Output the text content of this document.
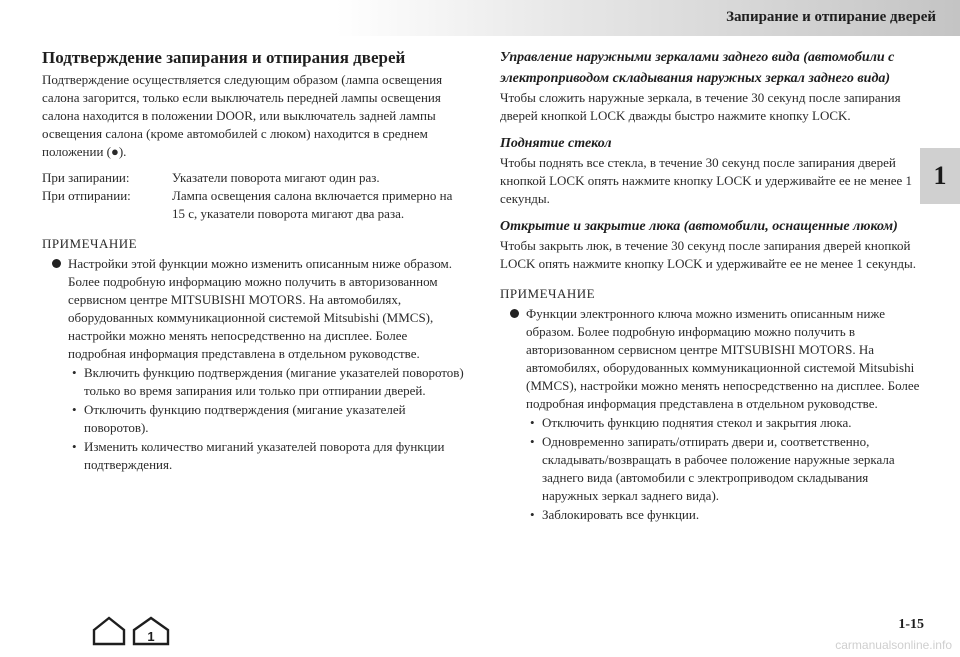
Запирание и отпирание дверей
1
Подтверждение запирания и отпирания дверей

Подтверждение осуществляется следующим образом (лампа освещения салона загорится, только если выключатель передней лампы освещения салона находится в положении DOOR, или выключатель задней лампы освещения салона (кроме автомобилей с люком) находится в среднем положении (●).

При запирании:	Указатели поворота мигают один раз.
При отпирании:	Лампа освещения салона включается примерно на 15 с, указатели поворота мигают два раза.

ПРИМЕЧАНИЕ

Настройки этой функции можно изменить описанным ниже образом. Более подробную информацию можно получить в авторизованном сервисном центре MITSUBISHI MOTORS. На автомобилях, оборудованных коммуникационной системой Mitsubishi (MMCS), настройки можно менять непосредственно на дисплее. Более подробная информация представлена в отдельном руководстве.

• Включить функцию подтверждения (мигание указателей поворотов) только во время запирания или только при отпирании дверей.

• Отключить функцию подтверждения (мигание указателей поворотов).

• Изменить количество миганий указателей поворота для функции подтверждения.

Управление наружными зеркалами заднего вида (автомобили с электроприводом складывания наружных зеркал заднего вида)

Чтобы сложить наружные зеркала, в течение 30 секунд после запирания дверей кнопкой LOCK дважды быстро нажмите кнопку LOCK.

Поднятие стекол

Чтобы поднять все стекла, в течение 30 секунд после запирания дверей кнопкой LOCK опять нажмите кнопку LOCK и удерживайте ее не менее 1 секунды.

Открытие и закрытие люка (автомобили, оснащенные люком)

Чтобы закрыть люк, в течение 30 секунд после запирания дверей кнопкой LOCK опять нажмите кнопку LOCK и удерживайте ее не менее 1 секунды.

ПРИМЕЧАНИЕ

Функции электронного ключа можно изменить описанным ниже образом. Более подробную информацию можно получить в авторизованном сервисном центре MITSUBISHI MOTORS. На автомобилях, оборудованных коммуникационной системой Mitsubishi (MMCS), настройки можно менять непосредственно на дисплее. Более подробная информация представлена в отдельном руководстве.

• Отключить функцию поднятия стекол и закрытия люка.

• Одновременно запирать/отпирать двери и, соответственно, складывать/возвращать в рабочее положение наружные зеркала заднего вида (автомобили с электроприводом складывания наружных зеркал заднего вида).

• Заблокировать все функции.

1
1-15
carmanualsonline.info
